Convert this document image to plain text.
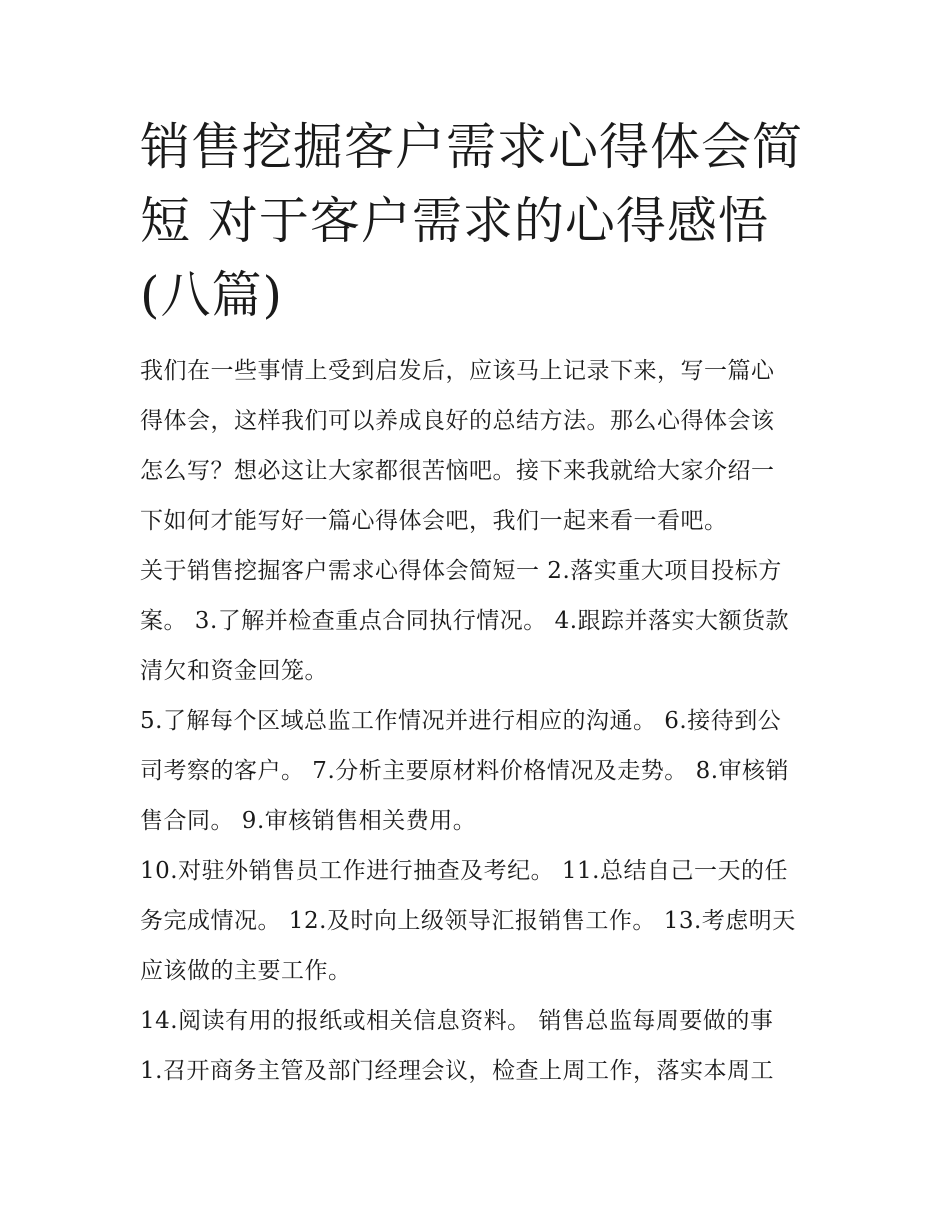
销售挖掘客户需求心得体会简
短 对于客户需求的心得感悟
(八篇)

我们在一些事情上受到启发后，应该马上记录下来，写一篇心
得体会，这样我们可以养成良好的总结方法。那么心得体会该
怎么写？想必这让大家都很苦恼吧。接下来我就给大家介绍一
下如何才能写好一篇心得体会吧，我们一起来看一看吧。

关于销售挖掘客户需求心得体会简短一 2.落实重大项目投标方
案。 3.了解并检查重点合同执行情况。 4.跟踪并落实大额货款
清欠和资金回笼。

5.了解每个区域总监工作情况并进行相应的沟通。 6.接待到公
司考察的客户。 7.分析主要原材料价格情况及走势。 8.审核销
售合同。 9.审核销售相关费用。

10.对驻外销售员工作进行抽查及考纪。 11.总结自己一天的任
务完成情况。 12.及时向上级领导汇报销售工作。 13.考虑明天
应该做的主要工作。

14.阅读有用的报纸或相关信息资料。 销售总监每周要做的事
1.召开商务主管及部门经理会议，检查上周工作，落实本周工
